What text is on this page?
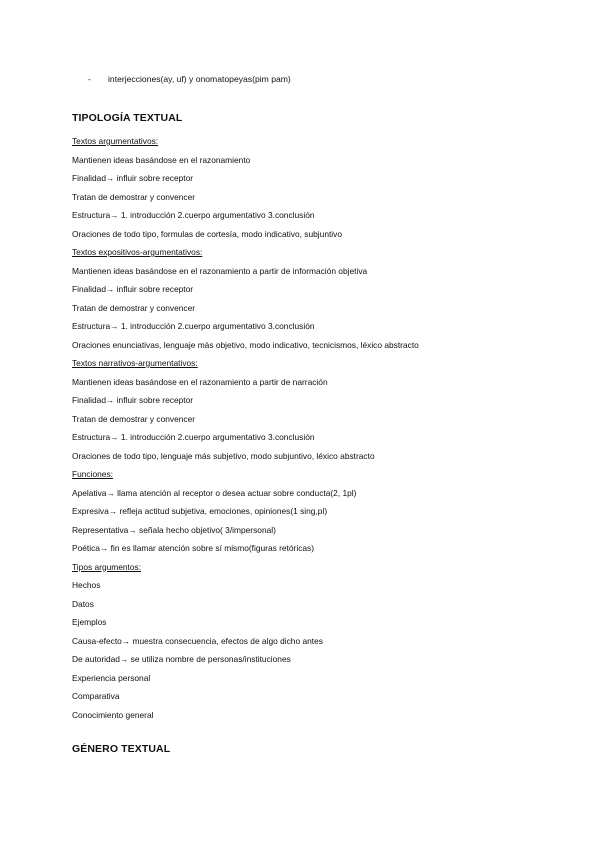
- interjecciones(ay, uf) y onomatopeyas(pim pam)
TIPOLOGÍA TEXTUAL
Textos argumentativos:
Mantienen ideas basándose en el razonamiento
Finalidad→ influir sobre receptor
Tratan de demostrar y convencer
Estructura→ 1. introducción 2.cuerpo argumentativo 3.conclusión
Oraciones de todo tipo, formulas de cortesía, modo indicativo, subjuntivo
Textos expositivos-argumentativos:
Mantienen ideas basándose en el razonamiento a partir de información objetiva
Finalidad→ influir sobre receptor
Tratan de demostrar y convencer
Estructura→ 1. introducción 2.cuerpo argumentativo 3.conclusión
Oraciones enunciativas, lenguaje más objetivo, modo indicativo, tecnicismos, léxico abstracto
Textos narrativos-argumentativos:
Mantienen ideas basándose en el razonamiento a partir de narración
Finalidad→ influir sobre receptor
Tratan de demostrar y convencer
Estructura→ 1. introducción 2.cuerpo argumentativo 3.conclusión
Oraciones de todo tipo, lenguaje más subjetivo, modo subjuntivo, léxico abstracto
Funciones:
Apelativa→ llama atención al receptor o desea actuar sobre conducta(2, 1pl)
Expresiva→ refleja actitud subjetiva, emociones, opiniones(1 sing,pl)
Representativa→ señala hecho objetivo( 3/impersonal)
Poética→ fin es llamar atención sobre sí mismo(figuras retóricas)
Tipos argumentos:
Hechos
Datos
Ejemplos
Causa-efecto→ muestra consecuencia, efectos de algo dicho antes
De autoridad→ se utiliza nombre de personas/instituciones
Experiencia personal
Comparativa
Conocimiento general
GÉNERO TEXTUAL
